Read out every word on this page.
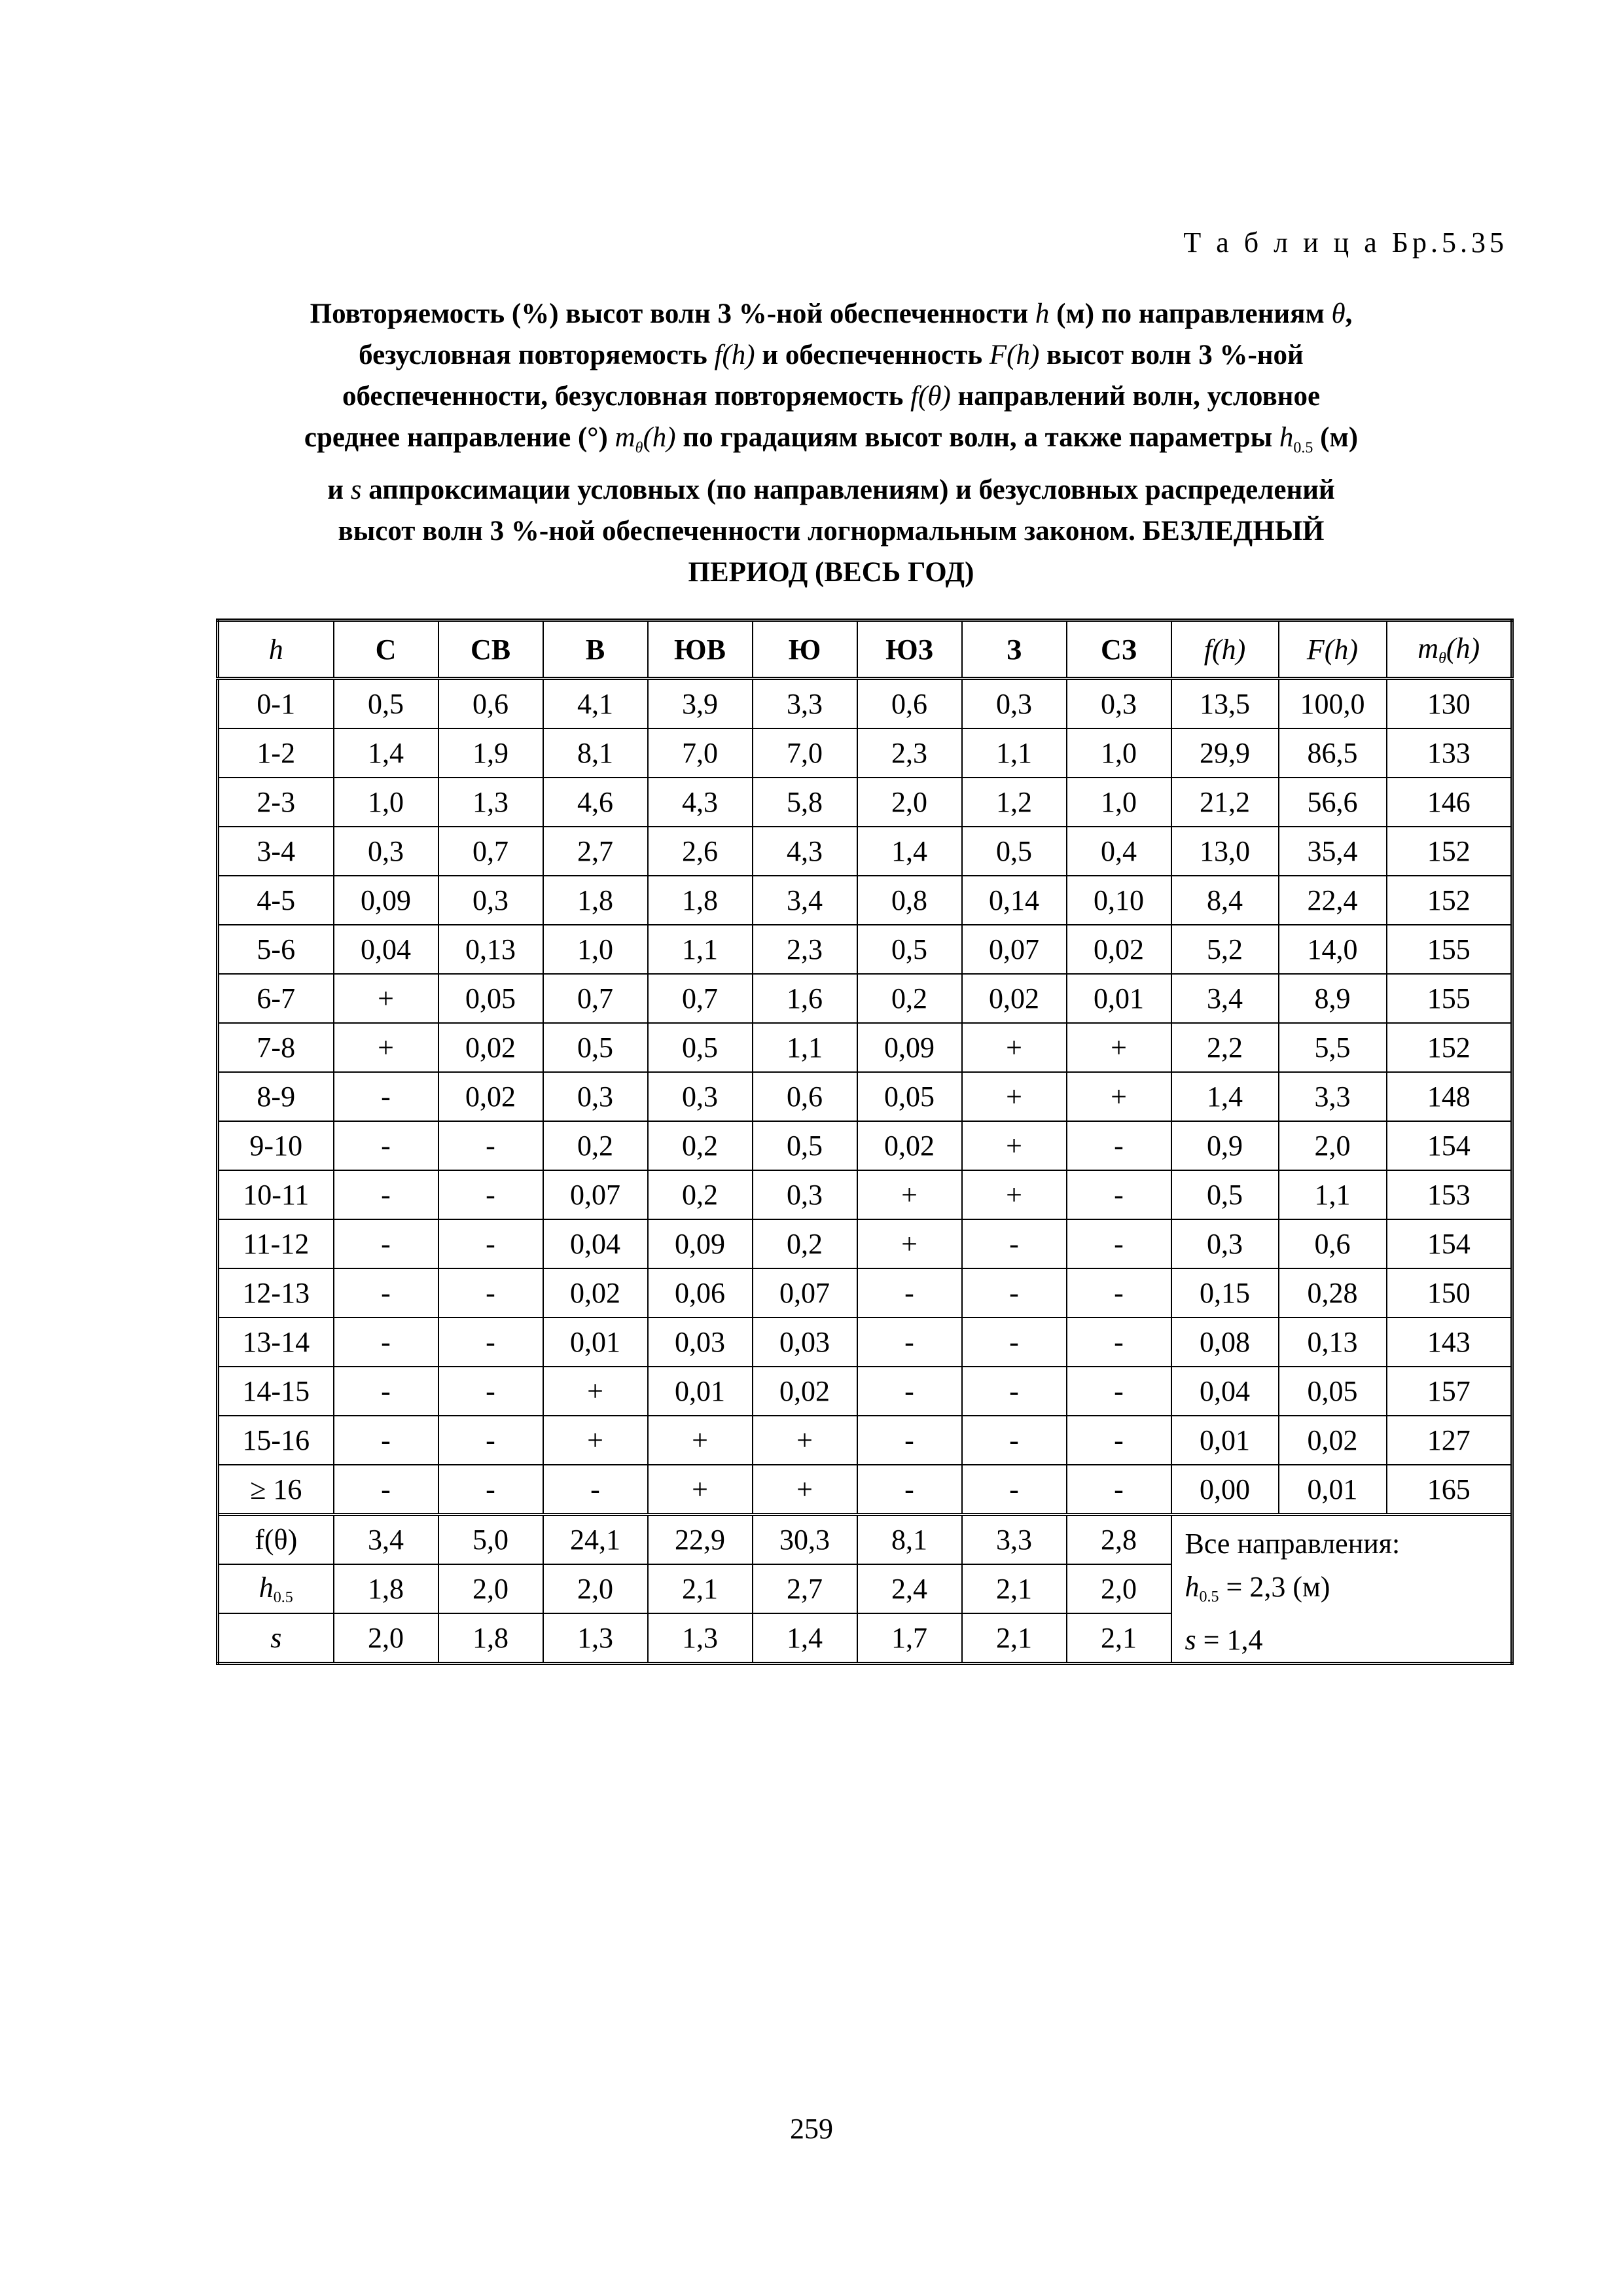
Т а б л и ц а Бр.5.35
Повторяемость (%) высот волн 3 %-ной обеспеченности h (м) по направлениям θ,
безусловная повторяемость f(h) и обеспеченность F(h) высот волн 3 %-ной
обеспеченности, безусловная повторяемость f(θ) направлений волн, условное
среднее направление (°) $m_\theta(h)$ по градациям высот волн, а также параметры $h_{0.5}$ (м)
и s аппроксимации условных (по направлениям) и безусловных распределений
высот волн 3 %-ной обеспеченности логнормальным законом. БЕЗЛЕДНЫЙ
ПЕРИОД (ВЕСЬ ГОД)
h	С	СВ	В	ЮВ	Ю	ЮЗ	З	СЗ	f(h)	F(h)	$m_\theta(h)$
0-1	0,5	0,6	4,1	3,9	3,3	0,6	0,3	0,3	13,5	100,0	130
1-2	1,4	1,9	8,1	7,0	7,0	2,3	1,1	1,0	29,9	86,5	133
2-3	1,0	1,3	4,6	4,3	5,8	2,0	1,2	1,0	21,2	56,6	146
3-4	0,3	0,7	2,7	2,6	4,3	1,4	0,5	0,4	13,0	35,4	152
4-5	0,09	0,3	1,8	1,8	3,4	0,8	0,14	0,10	8,4	22,4	152
5-6	0,04	0,13	1,0	1,1	2,3	0,5	0,07	0,02	5,2	14,0	155
6-7	+	0,05	0,7	0,7	1,6	0,2	0,02	0,01	3,4	8,9	155
7-8	+	0,02	0,5	0,5	1,1	0,09	+	+	2,2	5,5	152
8-9	-	0,02	0,3	0,3	0,6	0,05	+	+	1,4	3,3	148
9-10	-	-	0,2	0,2	0,5	0,02	+	-	0,9	2,0	154
10-11	-	-	0,07	0,2	0,3	+	+	-	0,5	1,1	153
11-12	-	-	0,04	0,09	0,2	+	-	-	0,3	0,6	154
12-13	-	-	0,02	0,06	0,07	-	-	-	0,15	0,28	150
13-14	-	-	0,01	0,03	0,03	-	-	-	0,08	0,13	143
14-15	-	-	+	0,01	0,02	-	-	-	0,04	0,05	157
15-16	-	-	+	+	+	-	-	-	0,01	0,02	127
≥ 16	-	-	-	+	+	-	-	-	0,00	0,01	165
f(θ)	3,4	5,0	24,1	22,9	30,3	8,1	3,3	2,8	Все направления:
h0.5 = 2,3 (м)
s = 1,4		

h0.5	1,8	2,0	2,0	2,1	2,7	2,4	2,1	2,0			
s	2,0	1,8	1,3	1,3	1,4	1,7	2,1	2,1			
259
